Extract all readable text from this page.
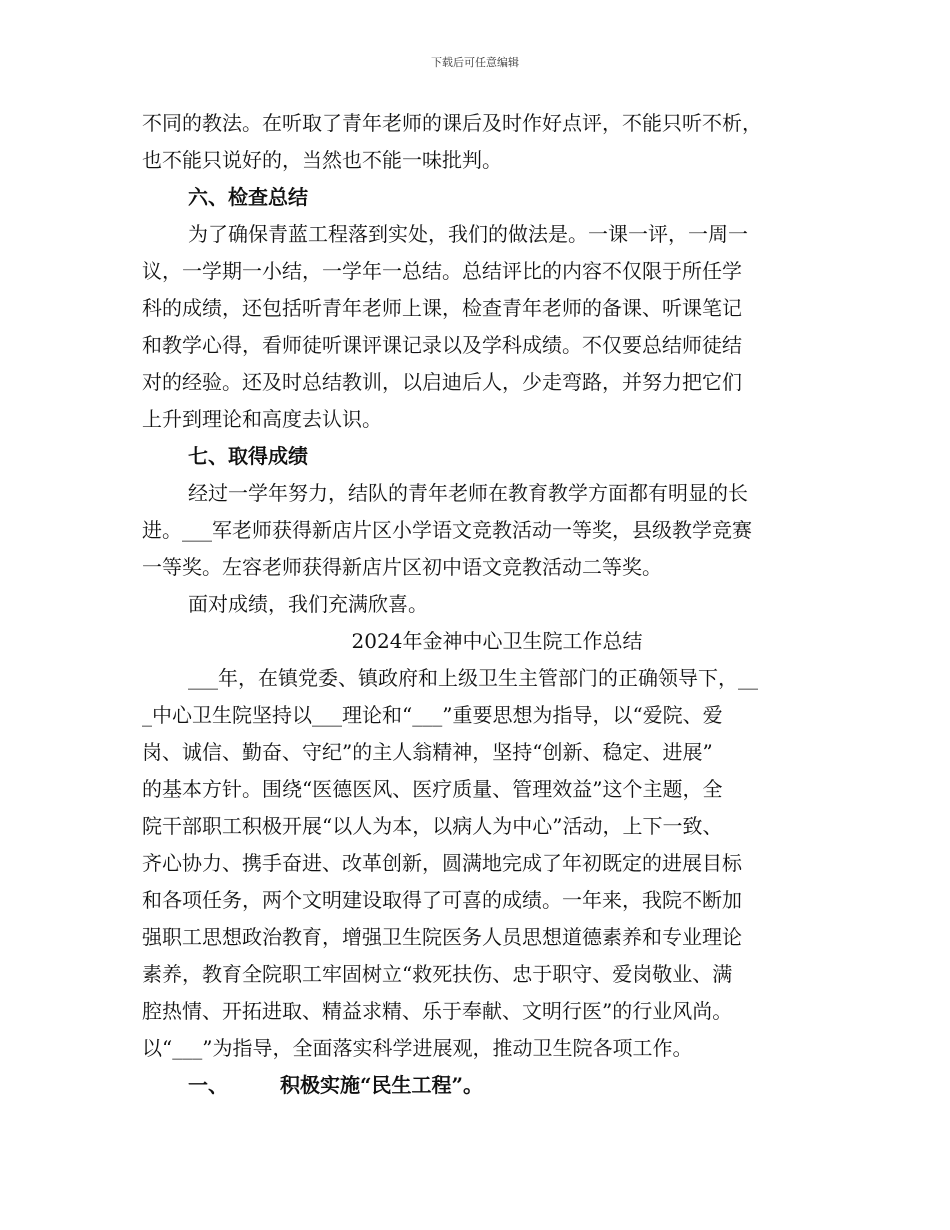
下载后可任意编辑
不同的教法。在听取了青年老师的课后及时作好点评，不能只听不析，
也不能只说好的，当然也不能一味批判。
六、检查总结
为了确保青蓝工程落到实处，我们的做法是。一课一评，一周一
议，一学期一小结，一学年一总结。总结评比的内容不仅限于所任学
科的成绩，还包括听青年老师上课，检查青年老师的备课、听课笔记
和教学心得，看师徒听课评课记录以及学科成绩。不仅要总结师徒结
对的经验。还及时总结教训，以启迪后人，少走弯路，并努力把它们
上升到理论和高度去认识。
七、取得成绩
经过一学年努力，结队的青年老师在教育教学方面都有明显的长
进。___军老师获得新店片区小学语文竞教活动一等奖，县级教学竞赛
一等奖。左容老师获得新店片区初中语文竞教活动二等奖。
面对成绩，我们充满欣喜。
2024年金神中心卫生院工作总结
___年，在镇党委、镇政府和上级卫生主管部门的正确领导下，__
_中心卫生院坚持以___理论和“___”重要思想为指导，以“爱院、爱
岗、诚信、勤奋、守纪”的主人翁精神，坚持“创新、稳定、进展”
的基本方针。围绕“医德医风、医疗质量、管理效益”这个主题，全
院干部职工积极开展“以人为本，以病人为中心”活动，上下一致、
齐心协力、携手奋进、改革创新，圆满地完成了年初既定的进展目标
和各项任务，两个文明建设取得了可喜的成绩。一年来，我院不断加
强职工思想政治教育，增强卫生院医务人员思想道德素养和专业理论
素养，教育全院职工牢固树立“救死扶伤、忠于职守、爱岗敬业、满
腔热情、开拓进取、精益求精、乐于奉献、文明行医”的行业风尚。
以“___”为指导，全面落实科学进展观，推动卫生院各项工作。
一、	积极实施“民生工程”。
